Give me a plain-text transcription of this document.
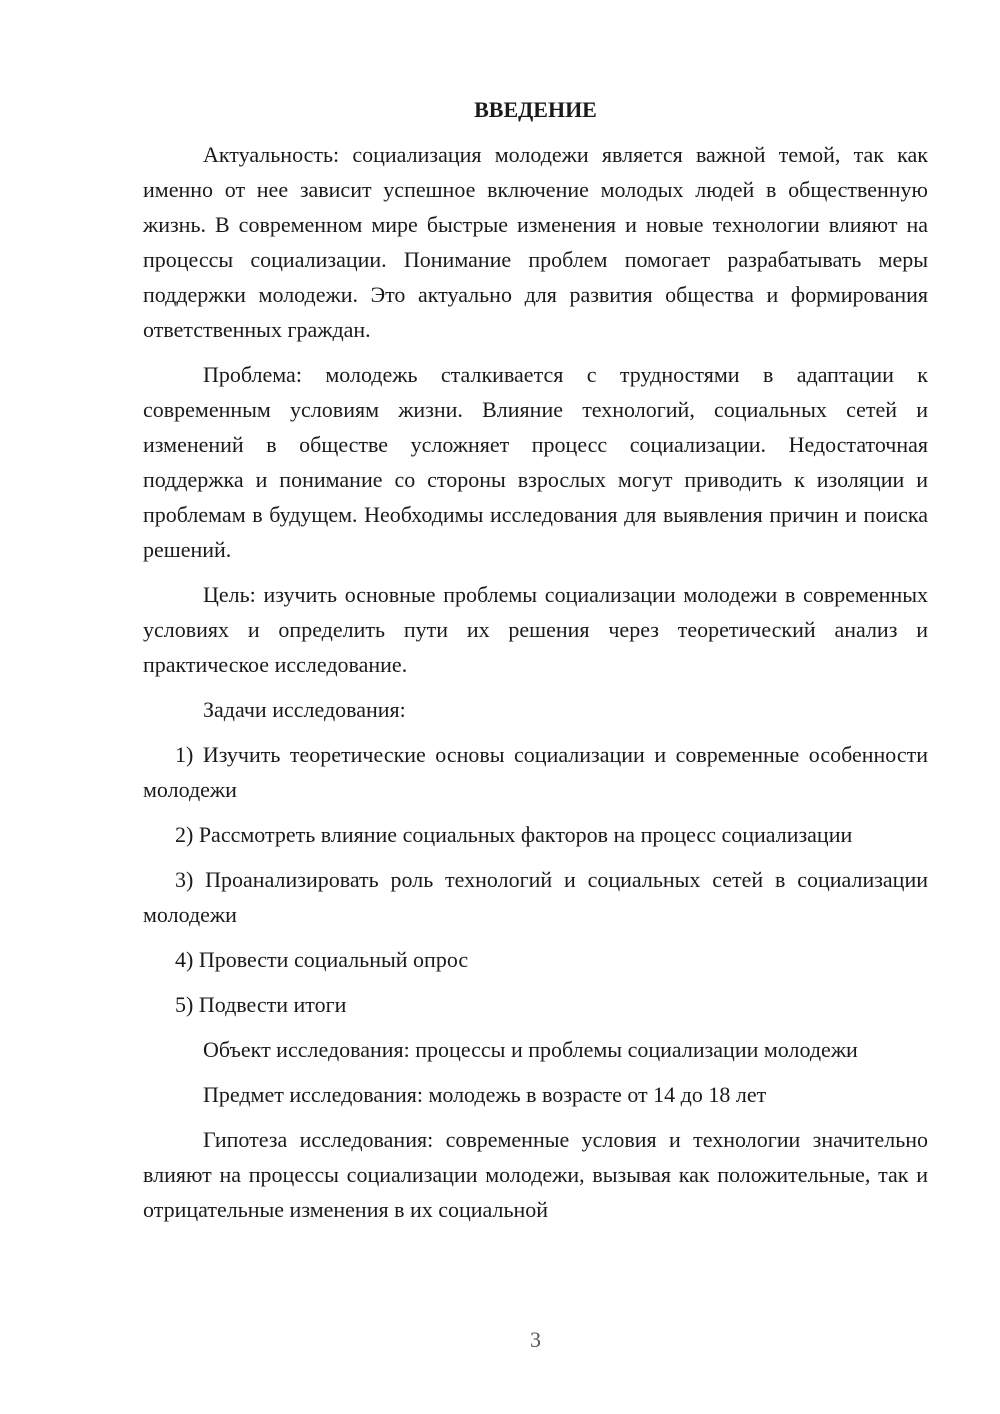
ВВЕДЕНИЕ

Актуальность: социализация молодежи является важной темой, так как именно от нее зависит успешное включение молодых людей в общественную жизнь. В современном мире быстрые изменения и новые технологии влияют на процессы социализации. Понимание проблем помогает разрабатывать меры поддержки молодежи. Это актуально для развития общества и формирования ответственных граждан.

Проблема: молодежь сталкивается с трудностями в адаптации к современным условиям жизни. Влияние технологий, социальных сетей и изменений в обществе усложняет процесс социализации. Недостаточная поддержка и понимание со стороны взрослых могут приводить к изоляции и проблемам в будущем. Необходимы исследования для выявления причин и поиска решений.

Цель: изучить основные проблемы социализации молодежи в современных условиях и определить пути их решения через теоретический анализ и практическое исследование.

Задачи исследования:

1) Изучить теоретические основы социализации и современные особенности молодежи

2) Рассмотреть влияние социальных факторов на процесс социализации

3) Проанализировать роль технологий и социальных сетей в социализации молодежи

4) Провести социальный опрос

5) Подвести итоги

Объект исследования: процессы и проблемы социализации молодежи

Предмет исследования: молодежь в возрасте от 14 до 18 лет

Гипотеза исследования: современные условия и технологии значительно влияют на процессы социализации молодежи, вызывая как положительные, так и отрицательные изменения в их социальной

3
